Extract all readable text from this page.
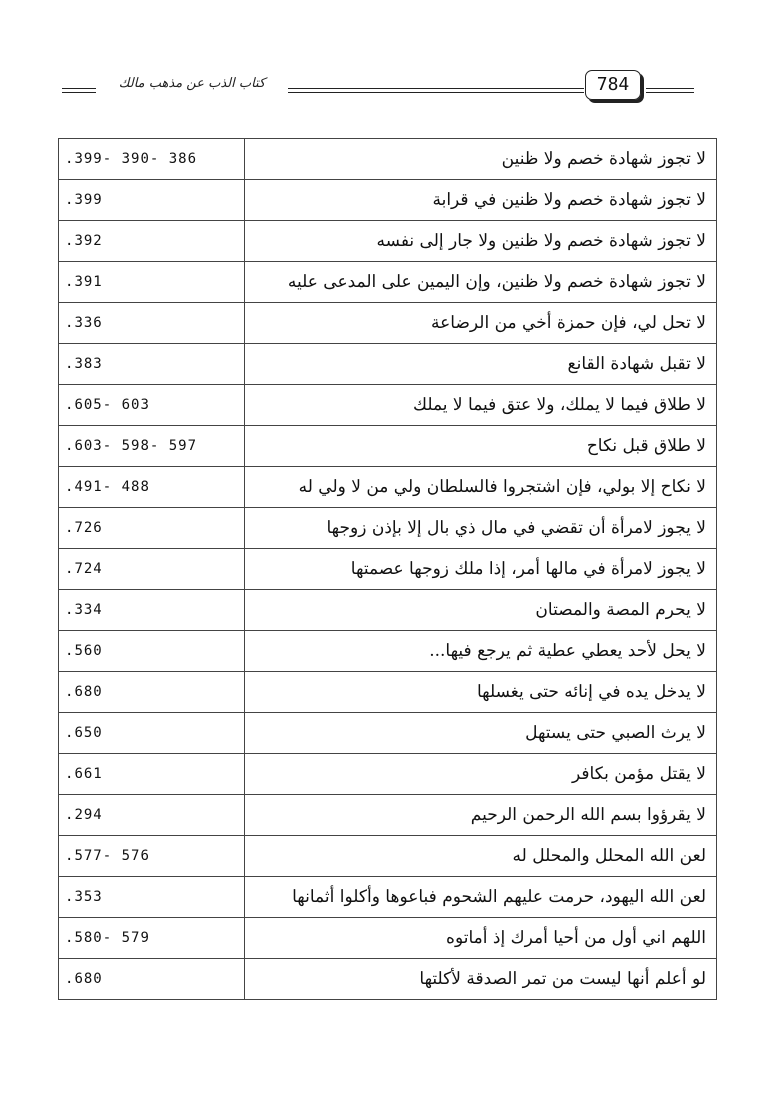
كتاب الذب عن مذهب مالك	784
386 -390 -399.	لا تجوز شهادة خصم ولا ظنين

399.	لا تجوز شهادة خصم ولا ظنين في قرابة

392.	لا تجوز شهادة خصم ولا ظنين ولا جار إلى نفسه

391.	لا تجوز شهادة خصم ولا ظنين، وإن اليمين على المدعى عليه

336.	لا تحل لي، فإن حمزة أخي من الرضاعة

383.	لا تقبل شهادة القانع

603 -605.	لا طلاق فيما لا يملك، ولا عتق فيما لا يملك

597 -598 -603.	لا طلاق قبل نكاح

488 -491.	لا نكاح إلا بولي، فإن اشتجروا فالسلطان ولي من لا ولي له

726.	لا يجوز لامرأة أن تقضي في مال ذي بال إلا بإذن زوجها

724.	لا يجوز لامرأة في مالها أمر، إذا ملك زوجها عصمتها

334.	لا يحرم المصة والمصتان

560.	لا يحل لأحد يعطي عطية ثم يرجع فيها...

680.	لا يدخل يده في إنائه حتى يغسلها

650.	لا يرث الصبي حتى يستهل

661.	لا يقتل مؤمن بكافر

294.	لا يقرؤوا بسم الله الرحمن الرحيم

576 -577.	لعن الله المحلل والمحلل له

353.	لعن الله اليهود، حرمت عليهم الشحوم فباعوها وأكلوا أثمانها

579 -580.	اللهم اني أول من أحيا أمرك إذ أماتوه

680.	لو أعلم أنها ليست من تمر الصدقة لأكلتها
